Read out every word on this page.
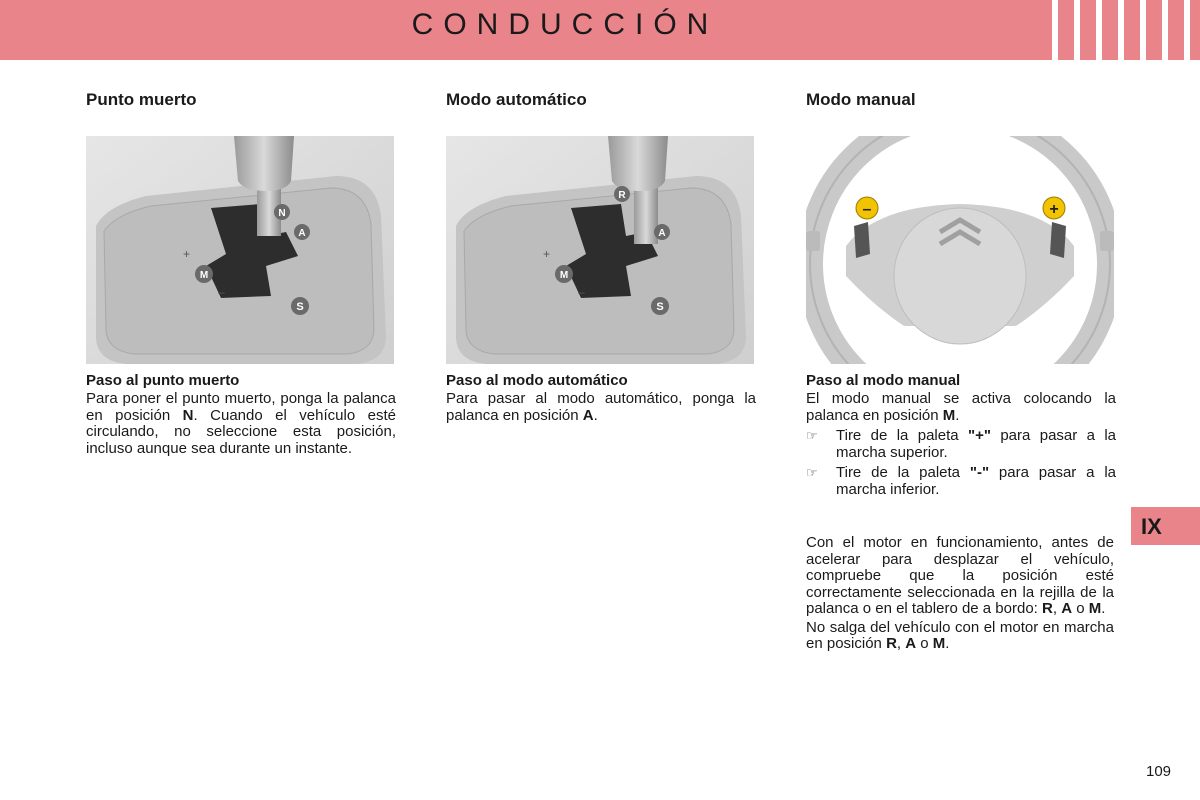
CONDUCCIÓN
Punto muerto
N
A
M
S
+
–
Paso al punto muerto

Para poner el punto muerto, ponga la palanca en posición N. Cuando el vehículo esté circulando, no seleccione esta posición, incluso aunque sea durante un instante.

Modo automático
R
A
M
S
+
–
Paso al modo automático

Para pasar al modo automático, ponga la palanca en posición A.

Modo manual
–	+
Paso al modo manual

El modo manual se activa colocando la palanca en posición M.

☞	Tire de la paleta "+" para pasar a la marcha superior.
☞	Tire de la paleta "-" para pasar a la marcha inferior.

Con el motor en funcionamiento, antes de acelerar para desplazar el vehículo, compruebe que la posición esté correctamente seleccionada en la rejilla de la palanca o en el tablero de a bordo: R, A o M.

No salga del vehículo con el motor en marcha en posición R, A o M.

IX
109
